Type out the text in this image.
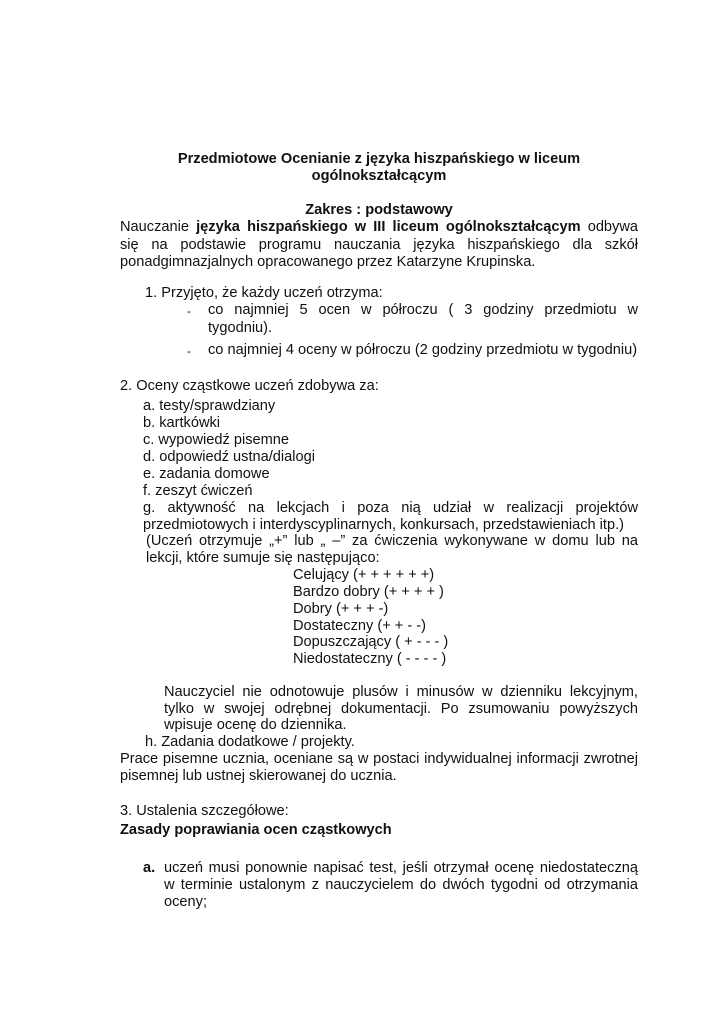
Przedmiotowe Ocenianie z języka hiszpańskiego w liceum
ogólnokształcącym
Zakres : podstawowy
Nauczanie języka hiszpańskiego w III liceum ogólnokształcącym odbywa
się na podstawie programu nauczania języka hiszpańskiego dla szkół
ponadgimnazjalnych opracowanego przez Katarzyne Krupinska.
1. Przyjęto, że każdy uczeń otrzyma:
- co najmniej 5 ocen w półroczu ( 3 godziny przedmiotu w
tygodniu).
- co najmniej 4 oceny w półroczu (2 godziny przedmiotu w tygodniu)
2. Oceny cząstkowe uczeń zdobywa za:
a. testy/sprawdziany
b. kartkówki
c. wypowiedź pisemne
d. odpowiedź ustna/dialogi
e. zadania domowe
f. zeszyt ćwiczeń
g. aktywność na lekcjach i poza nią udział w realizacji projektów
przedmiotowych i interdyscyplinarnych, konkursach, przedstawieniach itp.)
(Uczeń otrzymuje „+” lub „ –” za ćwiczenia wykonywane w domu lub na
lekcji, które sumuje się następująco:
Celujący (+ + + + + +)
Bardzo dobry (+ + + + )
Dobry (+ + + -)
Dostateczny (+ + - -)
Dopuszczający ( + - - - )
Niedostateczny ( - - - - )
Nauczyciel nie odnotowuje plusów i minusów w dzienniku lekcyjnym,
tylko w swojej odrębnej dokumentacji. Po zsumowaniu powyższych
wpisuje ocenę do dziennika.
h. Zadania dodatkowe / projekty.
Prace pisemne ucznia, oceniane są w postaci indywidualnej informacji zwrotnej
pisemnej lub ustnej skierowanej do ucznia.
3. Ustalenia szczegółowe:
Zasady poprawiania ocen cząstkowych
a. uczeń musi ponownie napisać test, jeśli otrzymał ocenę niedostateczną
w terminie ustalonym z nauczycielem do dwóch tygodni od otrzymania
oceny;
